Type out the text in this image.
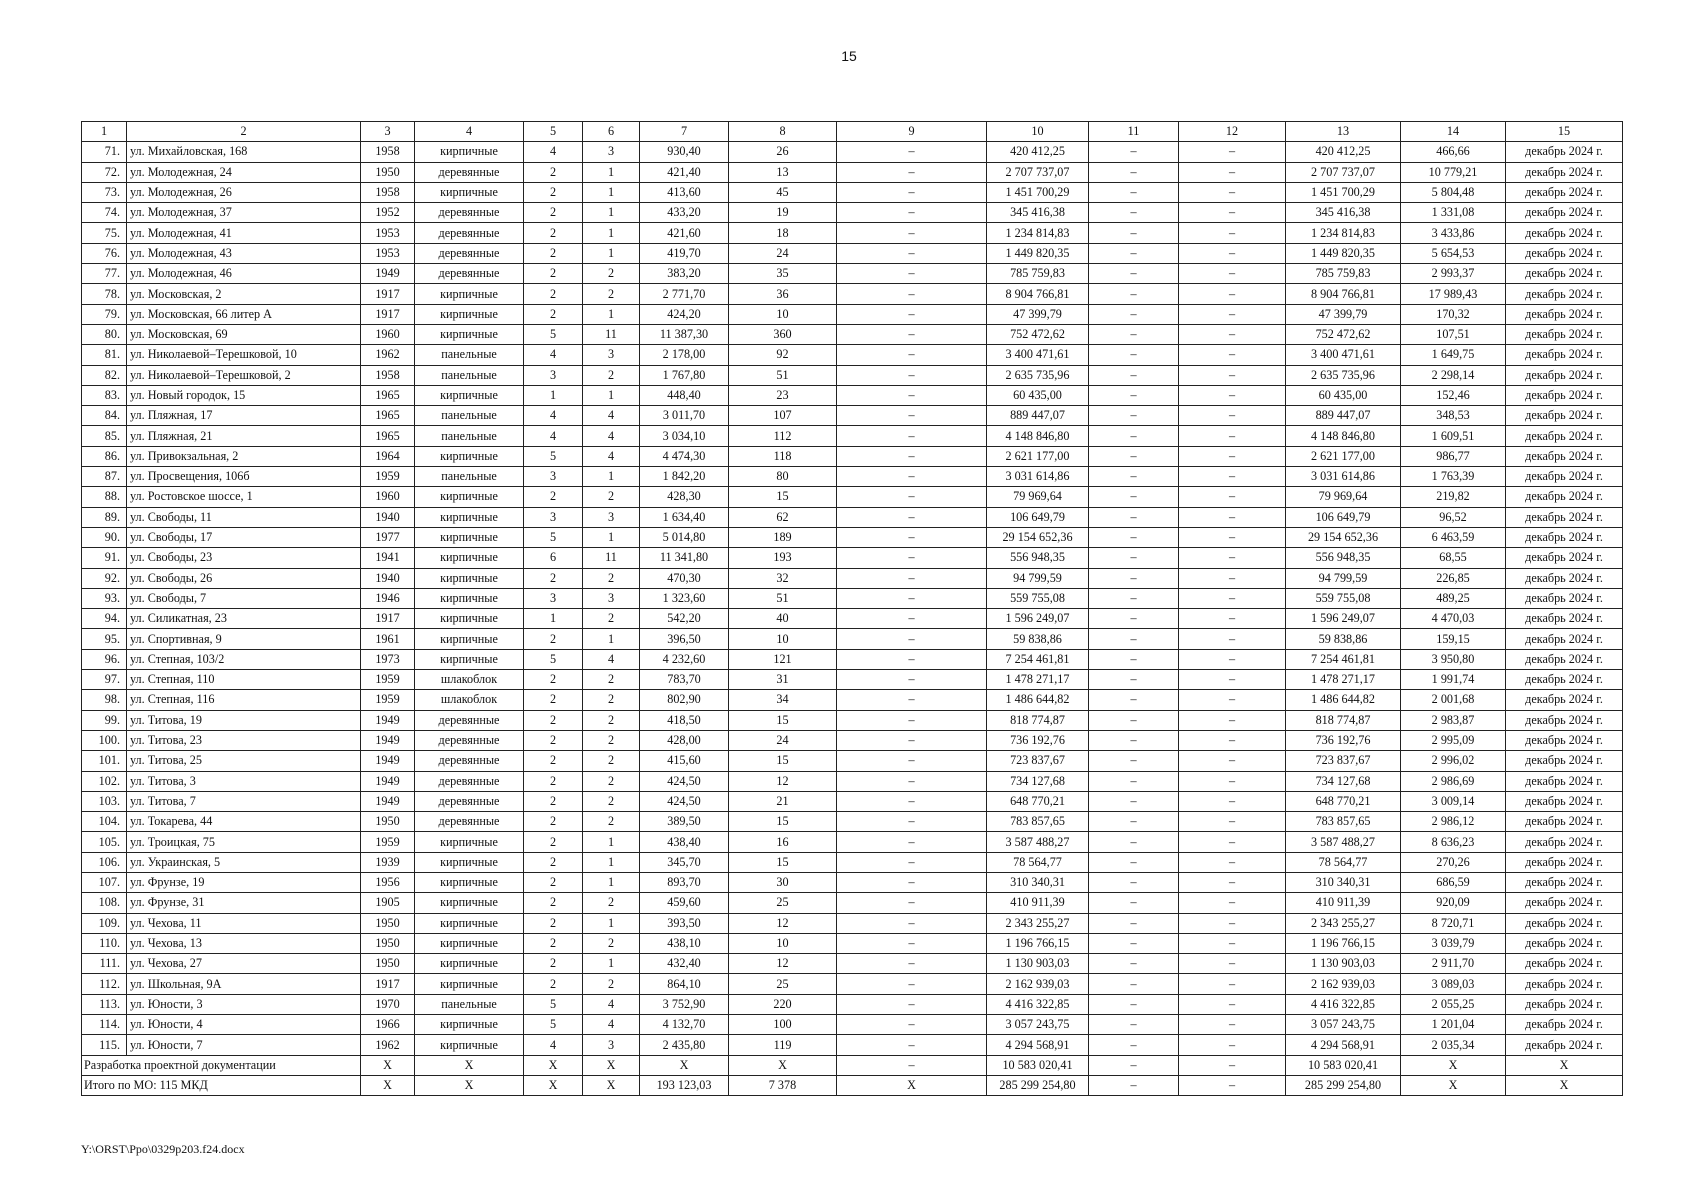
15
1	2	3	4	5	6	7	8	9	10	11	12	13	14	15
71.	ул. Михайловская, 168	1958	кирпичные	4	3	930,40	26	–	420 412,25	–	–	420 412,25	466,66	декабрь 2024 г.
72.	ул. Молодежная, 24	1950	деревянные	2	1	421,40	13	–	2 707 737,07	–	–	2 707 737,07	10 779,21	декабрь 2024 г.
73.	ул. Молодежная, 26	1958	кирпичные	2	1	413,60	45	–	1 451 700,29	–	–	1 451 700,29	5 804,48	декабрь 2024 г.
74.	ул. Молодежная, 37	1952	деревянные	2	1	433,20	19	–	345 416,38	–	–	345 416,38	1 331,08	декабрь 2024 г.
75.	ул. Молодежная, 41	1953	деревянные	2	1	421,60	18	–	1 234 814,83	–	–	1 234 814,83	3 433,86	декабрь 2024 г.
76.	ул. Молодежная, 43	1953	деревянные	2	1	419,70	24	–	1 449 820,35	–	–	1 449 820,35	5 654,53	декабрь 2024 г.
77.	ул. Молодежная, 46	1949	деревянные	2	2	383,20	35	–	785 759,83	–	–	785 759,83	2 993,37	декабрь 2024 г.
78.	ул. Московская, 2	1917	кирпичные	2	2	2 771,70	36	–	8 904 766,81	–	–	8 904 766,81	17 989,43	декабрь 2024 г.
79.	ул. Московская, 66 литер А	1917	кирпичные	2	1	424,20	10	–	47 399,79	–	–	47 399,79	170,32	декабрь 2024 г.
80.	ул. Московская, 69	1960	кирпичные	5	11	11 387,30	360	–	752 472,62	–	–	752 472,62	107,51	декабрь 2024 г.
81.	ул. Николаевой–Терешковой, 10	1962	панельные	4	3	2 178,00	92	–	3 400 471,61	–	–	3 400 471,61	1 649,75	декабрь 2024 г.
82.	ул. Николаевой–Терешковой, 2	1958	панельные	3	2	1 767,80	51	–	2 635 735,96	–	–	2 635 735,96	2 298,14	декабрь 2024 г.
83.	ул. Новый городок, 15	1965	кирпичные	1	1	448,40	23	–	60 435,00	–	–	60 435,00	152,46	декабрь 2024 г.
84.	ул. Пляжная, 17	1965	панельные	4	4	3 011,70	107	–	889 447,07	–	–	889 447,07	348,53	декабрь 2024 г.
85.	ул. Пляжная, 21	1965	панельные	4	4	3 034,10	112	–	4 148 846,80	–	–	4 148 846,80	1 609,51	декабрь 2024 г.
86.	ул. Привокзальная, 2	1964	кирпичные	5	4	4 474,30	118	–	2 621 177,00	–	–	2 621 177,00	986,77	декабрь 2024 г.
87.	ул. Просвещения, 106б	1959	панельные	3	1	1 842,20	80	–	3 031 614,86	–	–	3 031 614,86	1 763,39	декабрь 2024 г.
88.	ул. Ростовское шоссе, 1	1960	кирпичные	2	2	428,30	15	–	79 969,64	–	–	79 969,64	219,82	декабрь 2024 г.
89.	ул. Свободы, 11	1940	кирпичные	3	3	1 634,40	62	–	106 649,79	–	–	106 649,79	96,52	декабрь 2024 г.
90.	ул. Свободы, 17	1977	кирпичные	5	1	5 014,80	189	–	29 154 652,36	–	–	29 154 652,36	6 463,59	декабрь 2024 г.
91.	ул. Свободы, 23	1941	кирпичные	6	11	11 341,80	193	–	556 948,35	–	–	556 948,35	68,55	декабрь 2024 г.
92.	ул. Свободы, 26	1940	кирпичные	2	2	470,30	32	–	94 799,59	–	–	94 799,59	226,85	декабрь 2024 г.
93.	ул. Свободы, 7	1946	кирпичные	3	3	1 323,60	51	–	559 755,08	–	–	559 755,08	489,25	декабрь 2024 г.
94.	ул. Силикатная, 23	1917	кирпичные	1	2	542,20	40	–	1 596 249,07	–	–	1 596 249,07	4 470,03	декабрь 2024 г.
95.	ул. Спортивная, 9	1961	кирпичные	2	1	396,50	10	–	59 838,86	–	–	59 838,86	159,15	декабрь 2024 г.
96.	ул. Степная, 103/2	1973	кирпичные	5	4	4 232,60	121	–	7 254 461,81	–	–	7 254 461,81	3 950,80	декабрь 2024 г.
97.	ул. Степная, 110	1959	шлакоблок	2	2	783,70	31	–	1 478 271,17	–	–	1 478 271,17	1 991,74	декабрь 2024 г.
98.	ул. Степная, 116	1959	шлакоблок	2	2	802,90	34	–	1 486 644,82	–	–	1 486 644,82	2 001,68	декабрь 2024 г.
99.	ул. Титова, 19	1949	деревянные	2	2	418,50	15	–	818 774,87	–	–	818 774,87	2 983,87	декабрь 2024 г.
100.	ул. Титова, 23	1949	деревянные	2	2	428,00	24	–	736 192,76	–	–	736 192,76	2 995,09	декабрь 2024 г.
101.	ул. Титова, 25	1949	деревянные	2	2	415,60	15	–	723 837,67	–	–	723 837,67	2 996,02	декабрь 2024 г.
102.	ул. Титова, 3	1949	деревянные	2	2	424,50	12	–	734 127,68	–	–	734 127,68	2 986,69	декабрь 2024 г.
103.	ул. Титова, 7	1949	деревянные	2	2	424,50	21	–	648 770,21	–	–	648 770,21	3 009,14	декабрь 2024 г.
104.	ул. Токарева, 44	1950	деревянные	2	2	389,50	15	–	783 857,65	–	–	783 857,65	2 986,12	декабрь 2024 г.
105.	ул. Троицкая, 75	1959	кирпичные	2	1	438,40	16	–	3 587 488,27	–	–	3 587 488,27	8 636,23	декабрь 2024 г.
106.	ул. Украинская, 5	1939	кирпичные	2	1	345,70	15	–	78 564,77	–	–	78 564,77	270,26	декабрь 2024 г.
107.	ул. Фрунзе, 19	1956	кирпичные	2	1	893,70	30	–	310 340,31	–	–	310 340,31	686,59	декабрь 2024 г.
108.	ул. Фрунзе, 31	1905	кирпичные	2	2	459,60	25	–	410 911,39	–	–	410 911,39	920,09	декабрь 2024 г.
109.	ул. Чехова, 11	1950	кирпичные	2	1	393,50	12	–	2 343 255,27	–	–	2 343 255,27	8 720,71	декабрь 2024 г.
110.	ул. Чехова, 13	1950	кирпичные	2	2	438,10	10	–	1 196 766,15	–	–	1 196 766,15	3 039,79	декабрь 2024 г.
111.	ул. Чехова, 27	1950	кирпичные	2	1	432,40	12	–	1 130 903,03	–	–	1 130 903,03	2 911,70	декабрь 2024 г.
112.	ул. Школьная, 9А	1917	кирпичные	2	2	864,10	25	–	2 162 939,03	–	–	2 162 939,03	3 089,03	декабрь 2024 г.
113.	ул. Юности, 3	1970	панельные	5	4	3 752,90	220	–	4 416 322,85	–	–	4 416 322,85	2 055,25	декабрь 2024 г.
114.	ул. Юности, 4	1966	кирпичные	5	4	4 132,70	100	–	3 057 243,75	–	–	3 057 243,75	1 201,04	декабрь 2024 г.
115.	ул. Юности, 7	1962	кирпичные	4	3	2 435,80	119	–	4 294 568,91	–	–	4 294 568,91	2 035,34	декабрь 2024 г.
Разработка проектной документации		X	X	X	X	X	X	–	10 583 020,41	–	–	10 583 020,41	X	X
Итого по МО: 115 МКД		X	X	X	X	193 123,03	7 378	X	285 299 254,80	–	–	285 299 254,80	X	X
Y:\ORST\Ppo\0329p203.f24.docx
